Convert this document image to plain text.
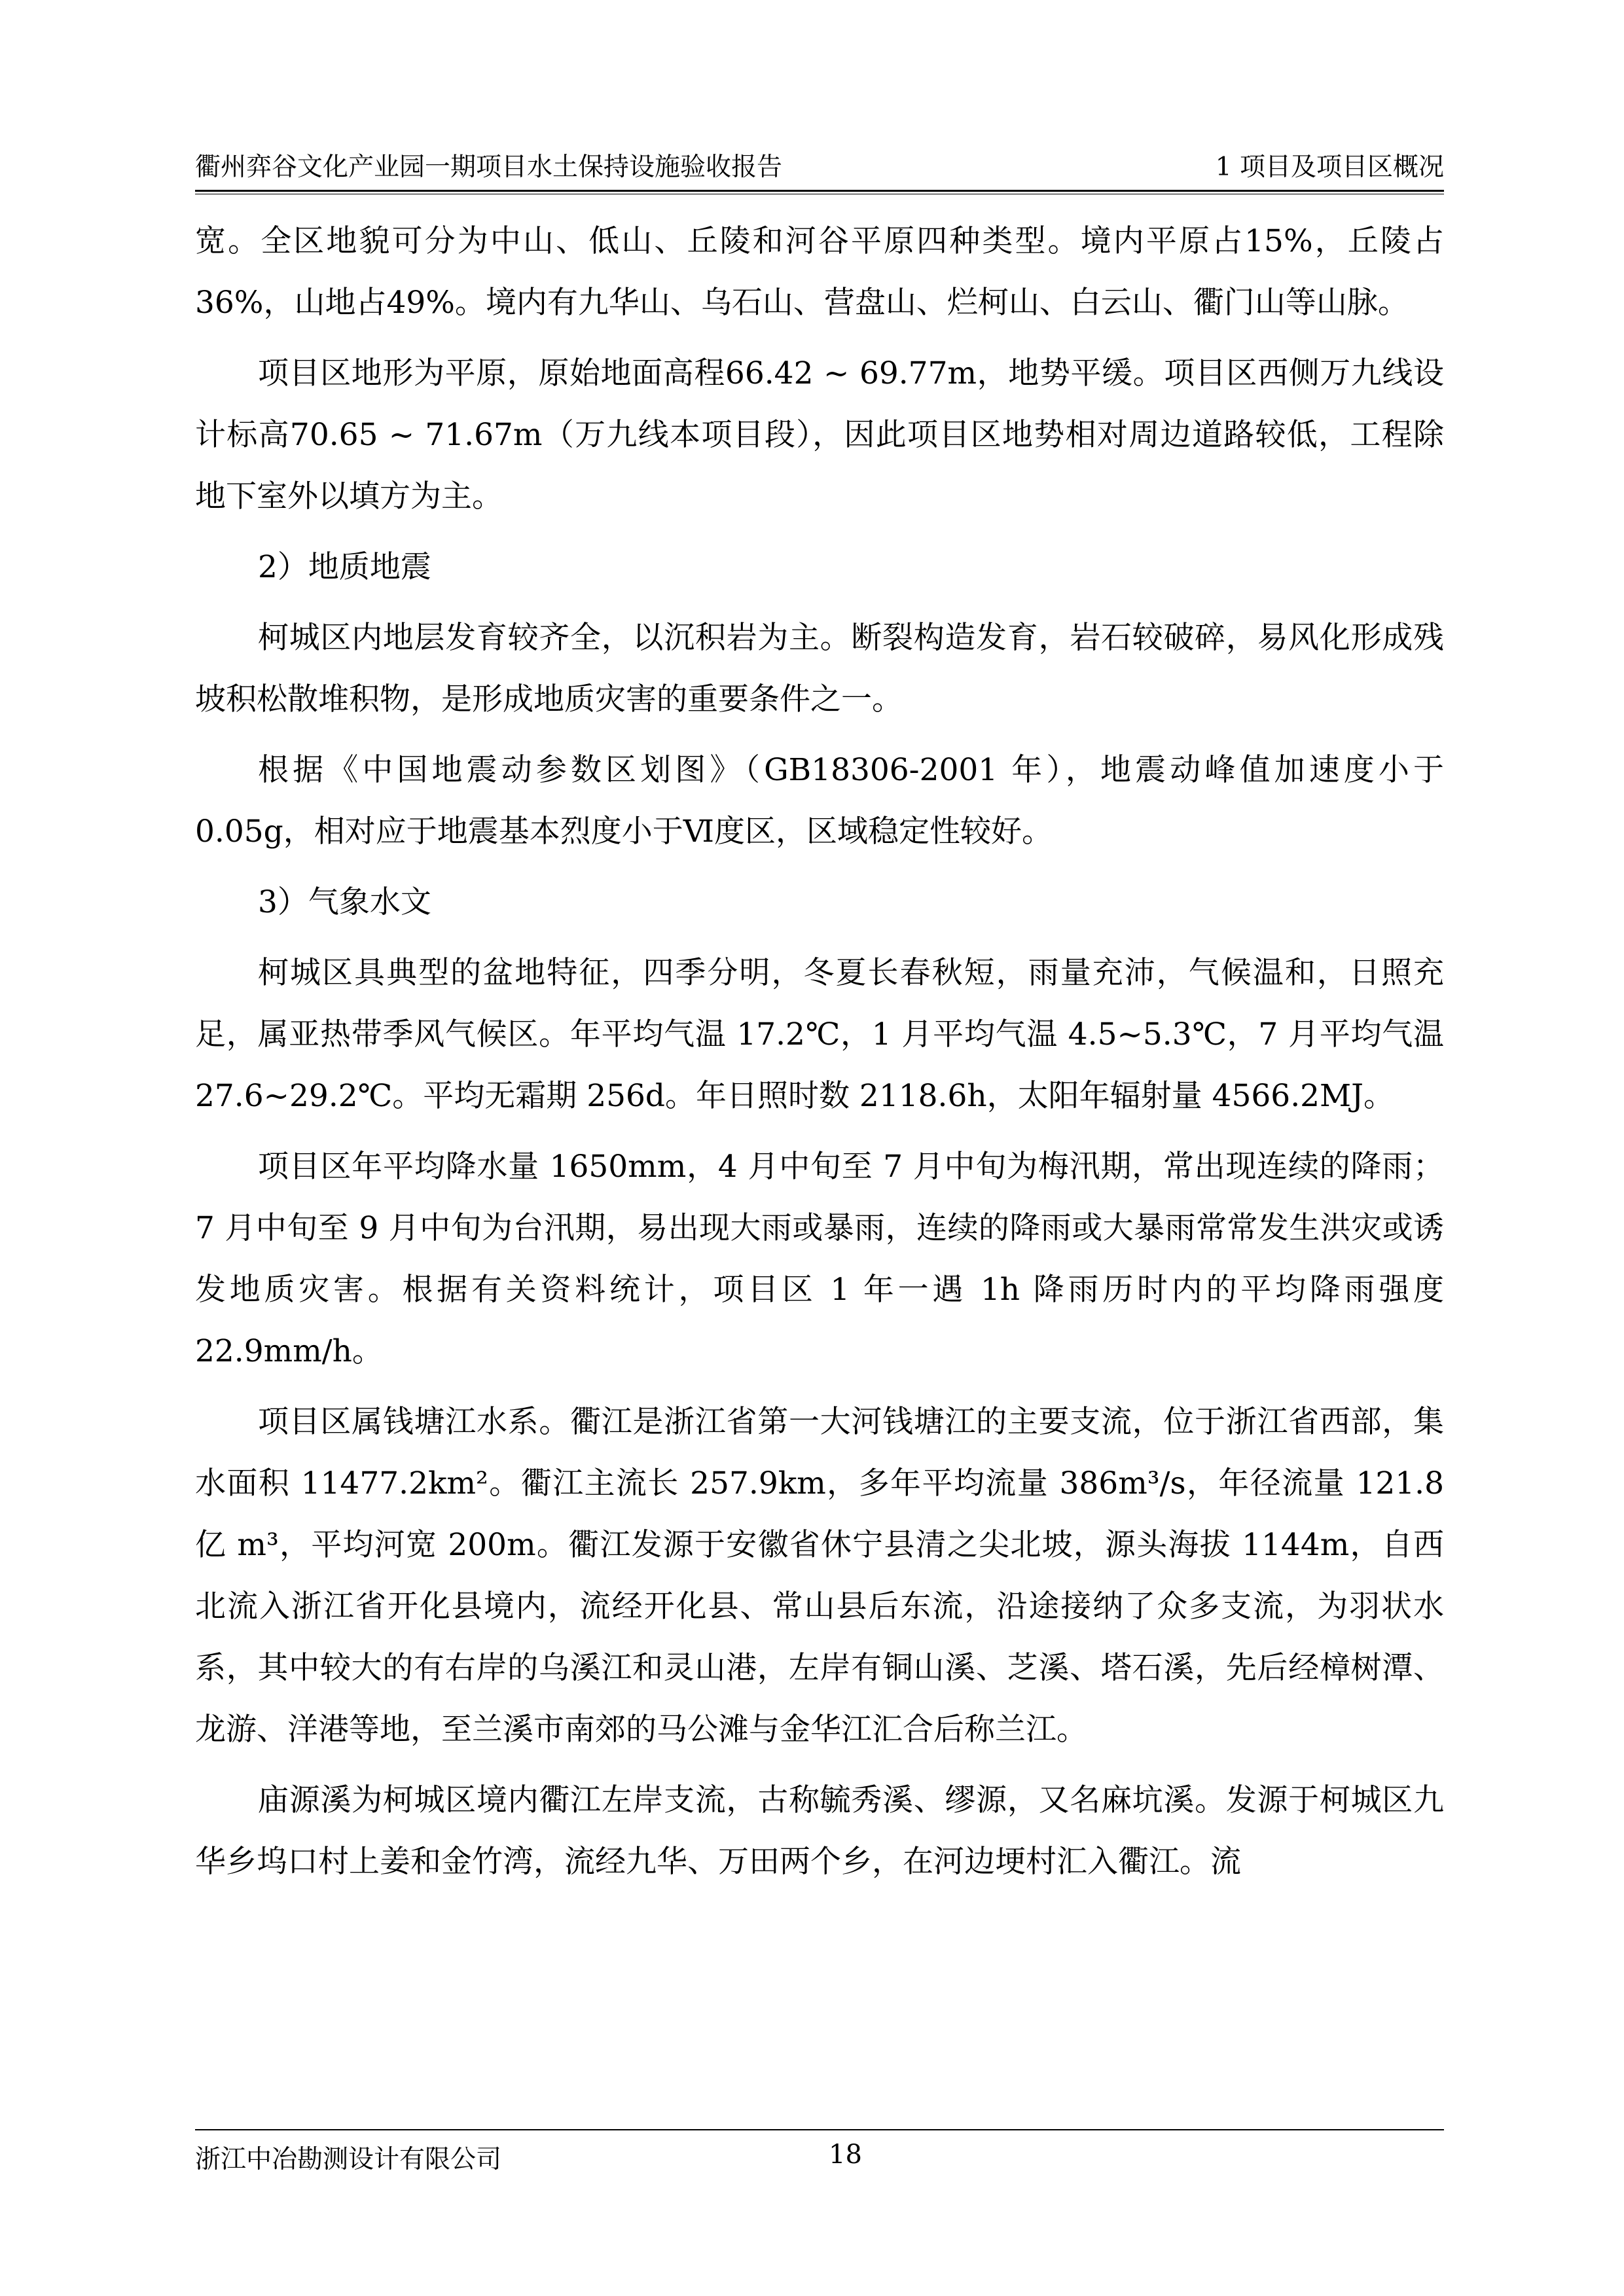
衢州弈谷文化产业园一期项目水土保持设施验收报告	1 项目及项目区概况

宽。全区地貌可分为中山、低山、丘陵和河谷平原四种类型。境内平原占15%，丘陵占36%，山地占49%。境内有九华山、乌石山、营盘山、烂柯山、白云山、衢门山等山脉。

项目区地形为平原，原始地面高程66.42 ~ 69.77m，地势平缓。项目区西侧万九线设计标高70.65 ~ 71.67m（万九线本项目段），因此项目区地势相对周边道路较低，工程除地下室外以填方为主。

2）地质地震

柯城区内地层发育较齐全，以沉积岩为主。断裂构造发育，岩石较破碎，易风化形成残坡积松散堆积物，是形成地质灾害的重要条件之一。

根据《中国地震动参数区划图》（GB18306-2001 年），地震动峰值加速度小于 0.05g，相对应于地震基本烈度小于Ⅵ度区，区域稳定性较好。

3）气象水文

柯城区具典型的盆地特征，四季分明，冬夏长春秋短，雨量充沛，气候温和，日照充足，属亚热带季风气候区。年平均气温 17.2℃，1 月平均气温 4.5~5.3℃，7 月平均气温 27.6~29.2℃。平均无霜期 256d。年日照时数 2118.6h，太阳年辐射量 4566.2MJ。

项目区年平均降水量 1650mm，4 月中旬至 7 月中旬为梅汛期，常出现连续的降雨；7 月中旬至 9 月中旬为台汛期，易出现大雨或暴雨，连续的降雨或大暴雨常常发生洪灾或诱发地质灾害。根据有关资料统计，项目区 1 年一遇 1h 降雨历时内的平均降雨强度 22.9mm/h。

项目区属钱塘江水系。衢江是浙江省第一大河钱塘江的主要支流，位于浙江省西部，集水面积 11477.2km²。衢江主流长 257.9km，多年平均流量 386m³/s，年径流量 121.8 亿 m³，平均河宽 200m。衢江发源于安徽省休宁县清之尖北坡，源头海拔 1144m，自西北流入浙江省开化县境内，流经开化县、常山县后东流，沿途接纳了众多支流，为羽状水系，其中较大的有右岸的乌溪江和灵山港，左岸有铜山溪、芝溪、塔石溪，先后经樟树潭、龙游、洋港等地，至兰溪市南郊的马公滩与金华江汇合后称兰江。

庙源溪为柯城区境内衢江左岸支流，古称毓秀溪、缪源，又名麻坑溪。发源于柯城区九华乡坞口村上姜和金竹湾，流经九华、万田两个乡，在河边埂村汇入衢江。流

浙江中冶勘测设计有限公司	18
